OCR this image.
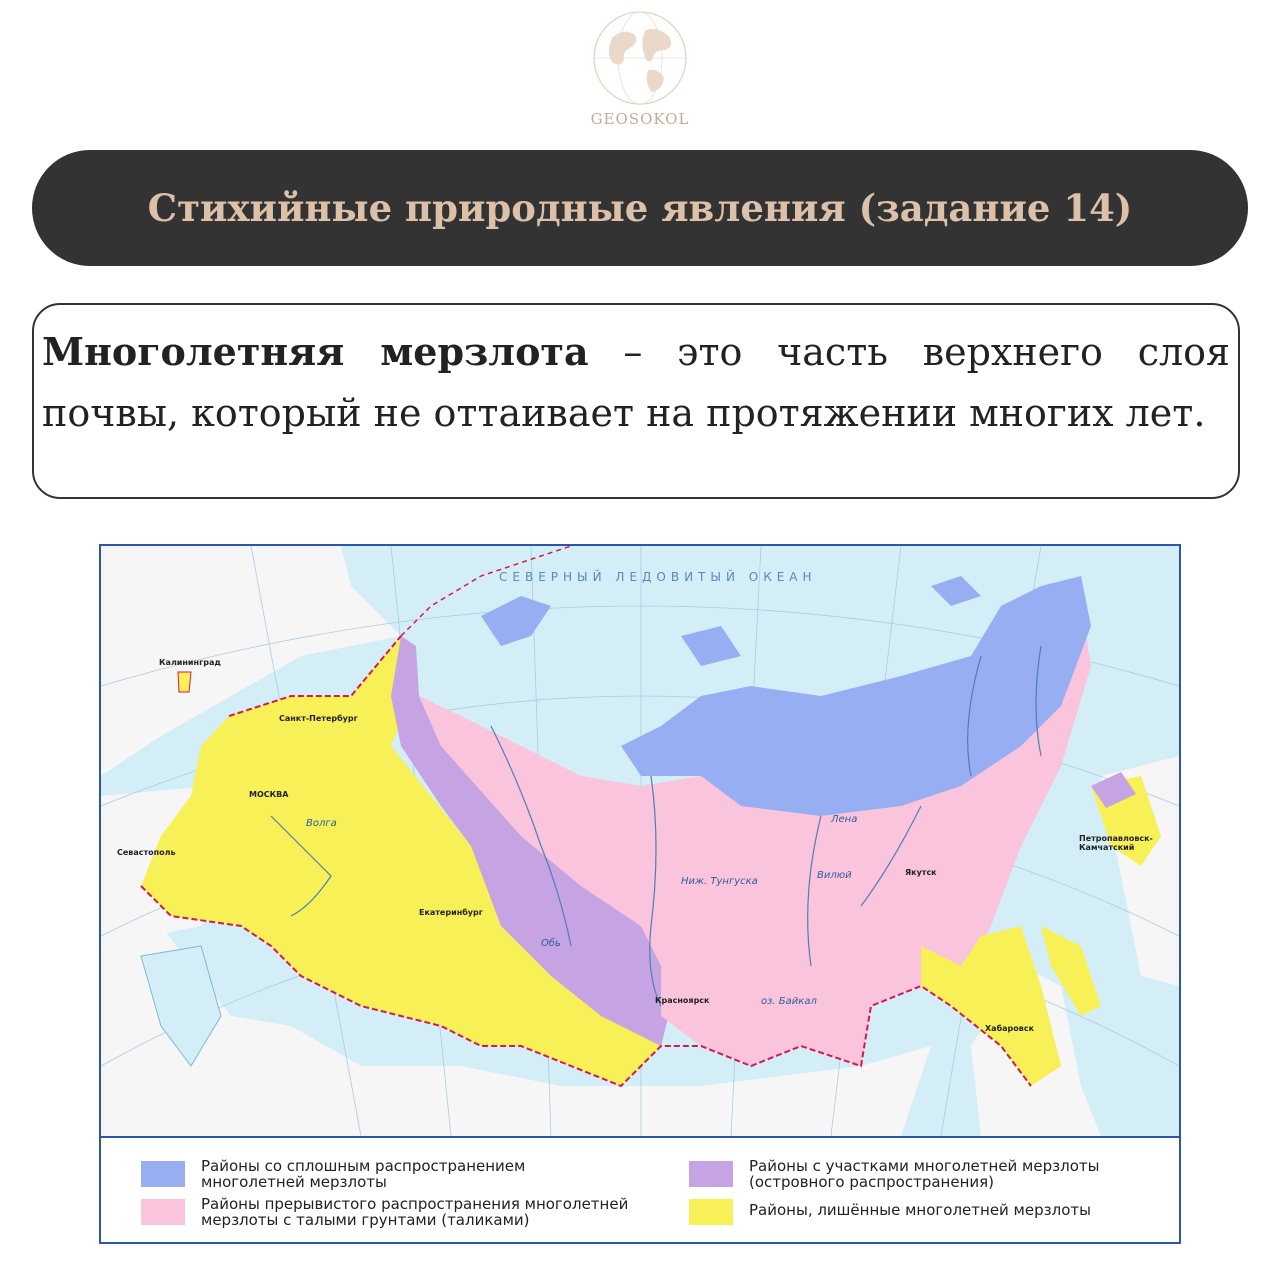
GEOSOKOL
Стихийные природные явления (задание 14)

Многолетняя мерзлота – это часть верхнего слоя почвы, который не оттаивает на протяжении многих лет.

СЕВЕРНЫЙ ЛЕДОВИТЫЙ ОКЕАН
Калининград
Санкт-Петербург
МОСКВА
Севастополь
Екатеринбург
Красноярск
Якутск
Хабаровск
Петропавловск-Камчатский
Волга
Обь
Ниж. Тунгуска
Вилюй
Лена
оз. Байкал
Районы со сплошным распространением многолетней мерзлоты
Районы прерывистого распространения многолетней мерзлоты с талыми грунтами (таликами)
Районы с участками многолетней мерзлоты (островного распространения)
Районы, лишённые многолетней мерзлоты
